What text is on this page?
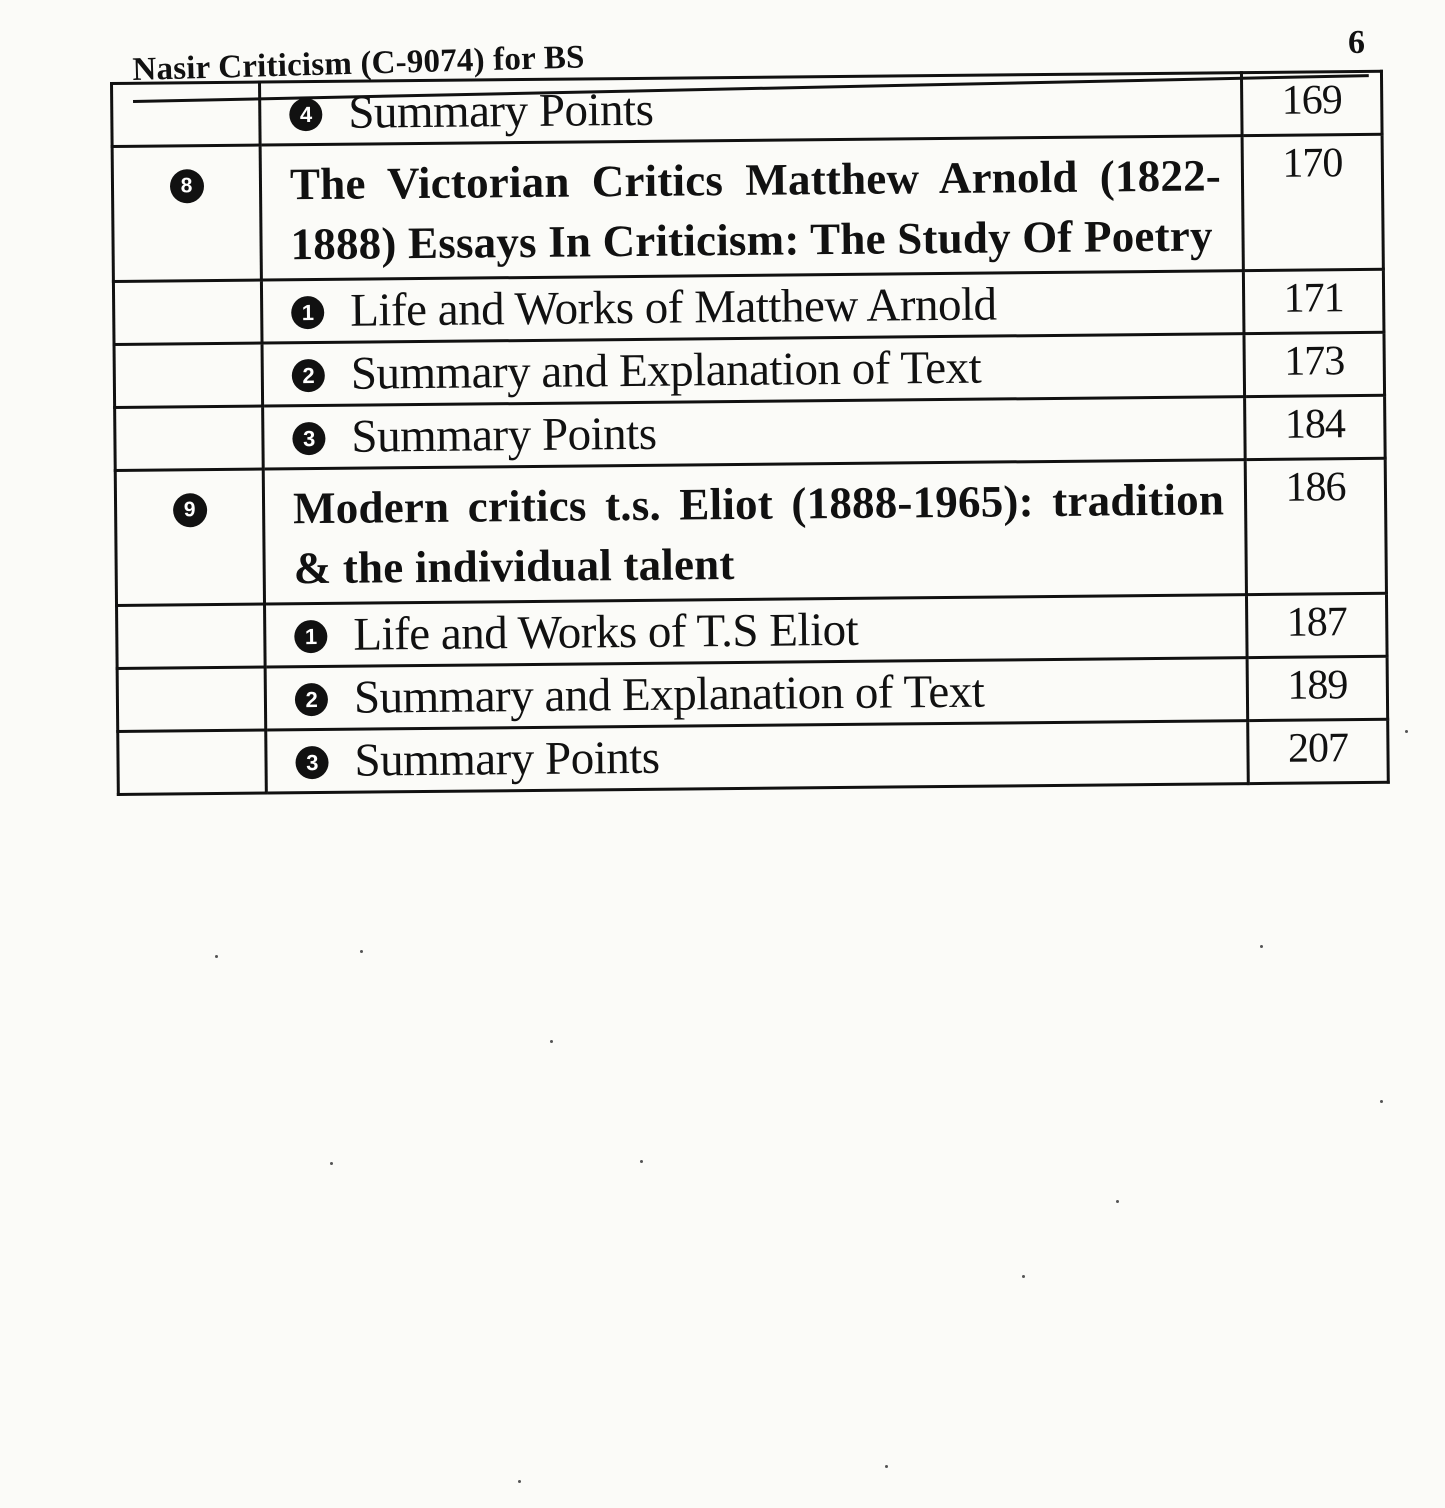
Nasir Criticism (C-9074) for BS	6
	4 Summary Points	169
8	The Victorian Critics Matthew Arnold (1822-1888) Essays In Criticism: The Study Of Poetry	170
	1 Life and Works of Matthew Arnold	171
	2 Summary and Explanation of Text	173
	3 Summary Points	184
9	Modern critics t.s. Eliot (1888-1965): tradition & the individual talent	186
	1 Life and Works of T.S Eliot	187
	2 Summary and Explanation of Text	189
	3 Summary Points	207
